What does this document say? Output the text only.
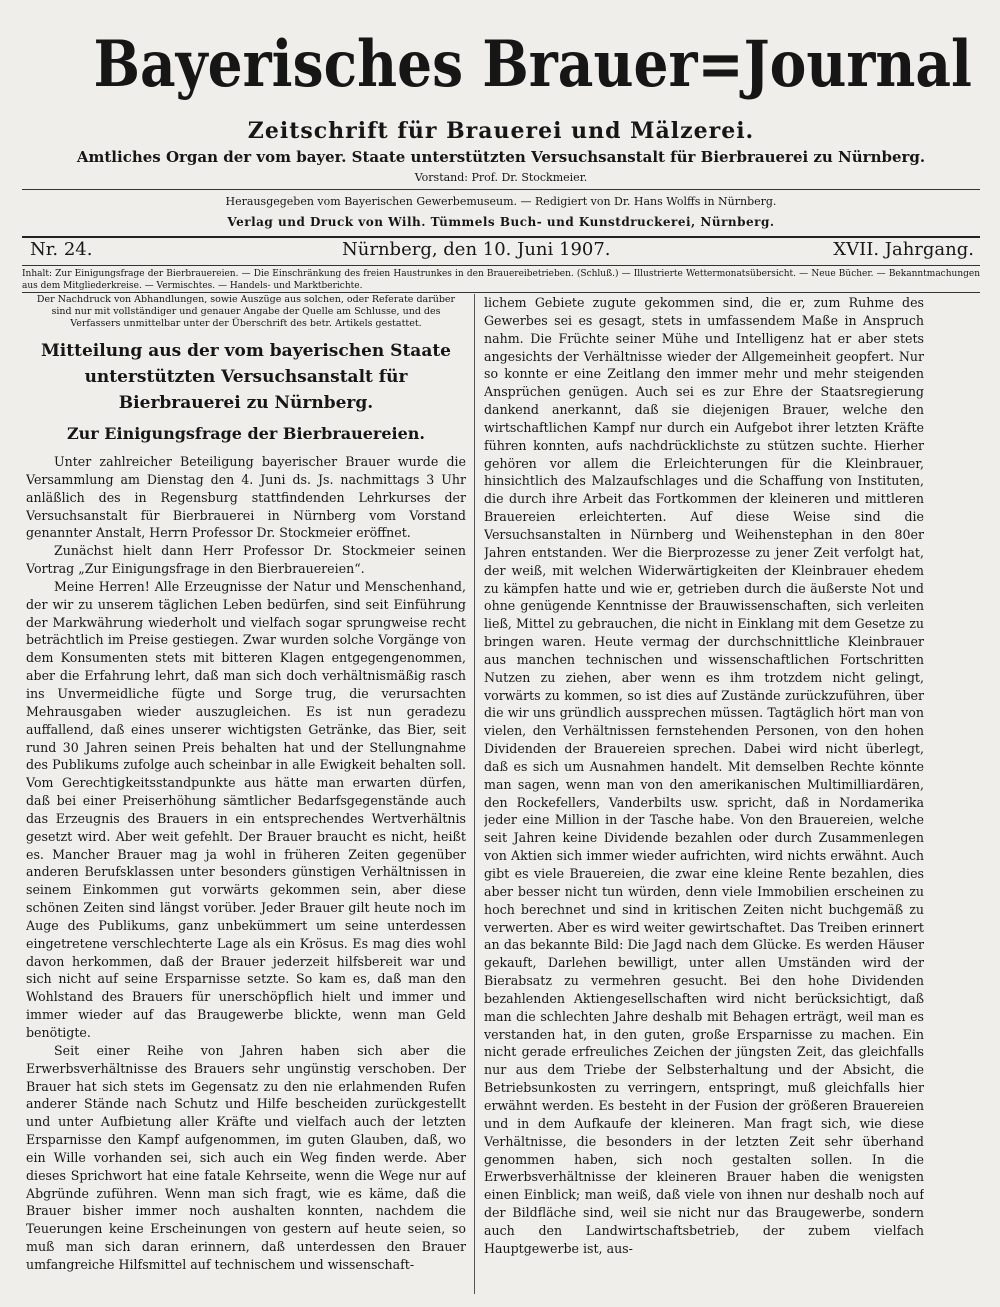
Bayerisches Brauer=Journal
Zeitschrift für Brauerei und Mälzerei.
Amtliches Organ der vom bayer. Staate unterstützten Versuchsanstalt für Bierbrauerei zu Nürnberg.
Vorstand: Prof. Dr. Stockmeier.
Herausgegeben vom Bayerischen Gewerbemuseum. — Redigiert von Dr. Hans Wolffs in Nürnberg.
Verlag und Druck von Wilh. Tümmels Buch- und Kunstdruckerei, Nürnberg.
Nr. 24.	Nürnberg, den 10. Juni 1907.	XVII. Jahrgang.
Inhalt: Zur Einigungsfrage der Bierbrauereien. — Die Einschränkung des freien Haustrunkes in den Brauereibetrieben. (Schluß.) — Illustrierte Wettermonatsübersicht. — Neue Bücher. — Bekanntmachungen aus dem Mitgliederkreise. — Vermischtes. — Handels- und Marktberichte.
Der Nachdruck von Abhandlungen, sowie Auszüge aus solchen, oder Referate darüber sind nur mit vollständiger und genauer Angabe der Quelle am Schlusse, und des Verfassers unmittelbar unter der Überschrift des betr. Artikels gestattet.
Mitteilung aus der vom bayerischen Staate unterstützten Versuchsanstalt für Bierbrauerei zu Nürnberg.
Zur Einigungsfrage der Bierbrauereien.

Unter zahlreicher Beteiligung bayerischer Brauer wurde die Versammlung am Dienstag den 4. Juni ds. Js. nachmittags 3 Uhr anläßlich des in Regensburg stattfindenden Lehrkurses der Versuchsanstalt für Bierbrauerei in Nürnberg vom Vorstand genannter Anstalt, Herrn Professor Dr. Stockmeier eröffnet.

Zunächst hielt dann Herr Professor Dr. Stockmeier seinen Vortrag „Zur Einigungsfrage in den Bierbrauereien“.

Meine Herren! Alle Erzeugnisse der Natur und Menschenhand, der wir zu unserem täglichen Leben bedürfen, sind seit Einführung der Markwährung wiederholt und vielfach sogar sprungweise recht beträchtlich im Preise gestiegen. Zwar wurden solche Vorgänge von dem Konsumenten stets mit bitteren Klagen entgegengenommen, aber die Erfahrung lehrt, daß man sich doch verhältnismäßig rasch ins Unvermeidliche fügte und Sorge trug, die verursachten Mehrausgaben wieder auszugleichen. Es ist nun geradezu auffallend, daß eines unserer wichtigsten Getränke, das Bier, seit rund 30 Jahren seinen Preis behalten hat und der Stellungnahme des Publikums zufolge auch scheinbar in alle Ewigkeit behalten soll. Vom Gerechtigkeitsstandpunkte aus hätte man erwarten dürfen, daß bei einer Preiserhöhung sämtlicher Bedarfsgegenstände auch das Erzeugnis des Brauers in ein entsprechendes Wertverhältnis gesetzt wird. Aber weit gefehlt. Der Brauer braucht es nicht, heißt es. Mancher Brauer mag ja wohl in früheren Zeiten gegenüber anderen Berufsklassen unter besonders günstigen Verhältnissen in seinem Einkommen gut vorwärts gekommen sein, aber diese schönen Zeiten sind längst vorüber. Jeder Brauer gilt heute noch im Auge des Publikums, ganz unbekümmert um seine unterdessen eingetretene verschlechterte Lage als ein Krösus. Es mag dies wohl davon herkommen, daß der Brauer jederzeit hilfsbereit war und sich nicht auf seine Ersparnisse setzte. So kam es, daß man den Wohlstand des Brauers für unerschöpflich hielt und immer und immer wieder auf das Braugewerbe blickte, wenn man Geld benötigte.

Seit einer Reihe von Jahren haben sich aber die Erwerbsverhältnisse des Brauers sehr ungünstig verschoben. Der Brauer hat sich stets im Gegensatz zu den nie erlahmenden Rufen anderer Stände nach Schutz und Hilfe bescheiden zurückgestellt und unter Aufbietung aller Kräfte und vielfach auch der letzten Ersparnisse den Kampf aufgenommen, im guten Glauben, daß, wo ein Wille vorhanden sei, sich auch ein Weg finden werde. Aber dieses Sprichwort hat eine fatale Kehrseite, wenn die Wege nur auf Abgründe zuführen. Wenn man sich fragt, wie es käme, daß die Brauer bisher immer noch aushalten konnten, nachdem die Teuerungen keine Erscheinungen von gestern auf heute seien, so muß man sich daran erinnern, daß unterdessen den Brauer umfangreiche Hilfsmittel auf technischem und wissenschaft-

lichem Gebiete zugute gekommen sind, die er, zum Ruhme des Gewerbes sei es gesagt, stets in umfassendem Maße in Anspruch nahm. Die Früchte seiner Mühe und Intelligenz hat er aber stets angesichts der Verhältnisse wieder der Allgemeinheit geopfert. Nur so konnte er eine Zeitlang den immer mehr und mehr steigenden Ansprüchen genügen. Auch sei es zur Ehre der Staatsregierung dankend anerkannt, daß sie diejenigen Brauer, welche den wirtschaftlichen Kampf nur durch ein Aufgebot ihrer letzten Kräfte führen konnten, aufs nachdrücklichste zu stützen suchte. Hierher gehören vor allem die Erleichterungen für die Kleinbrauer, hinsichtlich des Malzaufschlages und die Schaffung von Instituten, die durch ihre Arbeit das Fortkommen der kleineren und mittleren Brauereien erleichterten. Auf diese Weise sind die Versuchsanstalten in Nürnberg und Weihenstephan in den 80er Jahren entstanden. Wer die Bierprozesse zu jener Zeit verfolgt hat, der weiß, mit welchen Widerwärtigkeiten der Kleinbrauer ehedem zu kämpfen hatte und wie er, getrieben durch die äußerste Not und ohne genügende Kenntnisse der Brauwissenschaften, sich verleiten ließ, Mittel zu gebrauchen, die nicht in Einklang mit dem Gesetze zu bringen waren. Heute vermag der durchschnittliche Kleinbrauer aus manchen technischen und wissenschaftlichen Fortschritten Nutzen zu ziehen, aber wenn es ihm trotzdem nicht gelingt, vorwärts zu kommen, so ist dies auf Zustände zurückzuführen, über die wir uns gründlich aussprechen müssen. Tagtäglich hört man von vielen, den Verhältnissen fernstehenden Personen, von den hohen Dividenden der Brauereien sprechen. Dabei wird nicht überlegt, daß es sich um Ausnahmen handelt. Mit demselben Rechte könnte man sagen, wenn man von den amerikanischen Multimilliardären, den Rockefellers, Vanderbilts usw. spricht, daß in Nordamerika jeder eine Million in der Tasche habe. Von den Brauereien, welche seit Jahren keine Dividende bezahlen oder durch Zusammenlegen von Aktien sich immer wieder aufrichten, wird nichts erwähnt. Auch gibt es viele Brauereien, die zwar eine kleine Rente bezahlen, dies aber besser nicht tun würden, denn viele Immobilien erscheinen zu hoch berechnet und sind in kritischen Zeiten nicht buchgemäß zu verwerten. Aber es wird weiter gewirtschaftet. Das Treiben erinnert an das bekannte Bild: Die Jagd nach dem Glücke. Es werden Häuser gekauft, Darlehen bewilligt, unter allen Umständen wird der Bierabsatz zu vermehren gesucht. Bei den hohe Dividenden bezahlenden Aktiengesellschaften wird nicht berücksichtigt, daß man die schlechten Jahre deshalb mit Behagen erträgt, weil man es verstanden hat, in den guten, große Ersparnisse zu machen. Ein nicht gerade erfreuliches Zeichen der jüngsten Zeit, das gleichfalls nur aus dem Triebe der Selbsterhaltung und der Absicht, die Betriebsunkosten zu verringern, entspringt, muß gleichfalls hier erwähnt werden. Es besteht in der Fusion der größeren Brauereien und in dem Aufkaufe der kleineren. Man fragt sich, wie diese Verhältnisse, die besonders in der letzten Zeit sehr überhand genommen haben, sich noch gestalten sollen. In die Erwerbsverhältnisse der kleineren Brauer haben die wenigsten einen Einblick; man weiß, daß viele von ihnen nur deshalb noch auf der Bildfläche sind, weil sie nicht nur das Braugewerbe, sondern auch den Landwirtschaftsbetrieb, der zubem vielfach Hauptgewerbe ist, aus-
